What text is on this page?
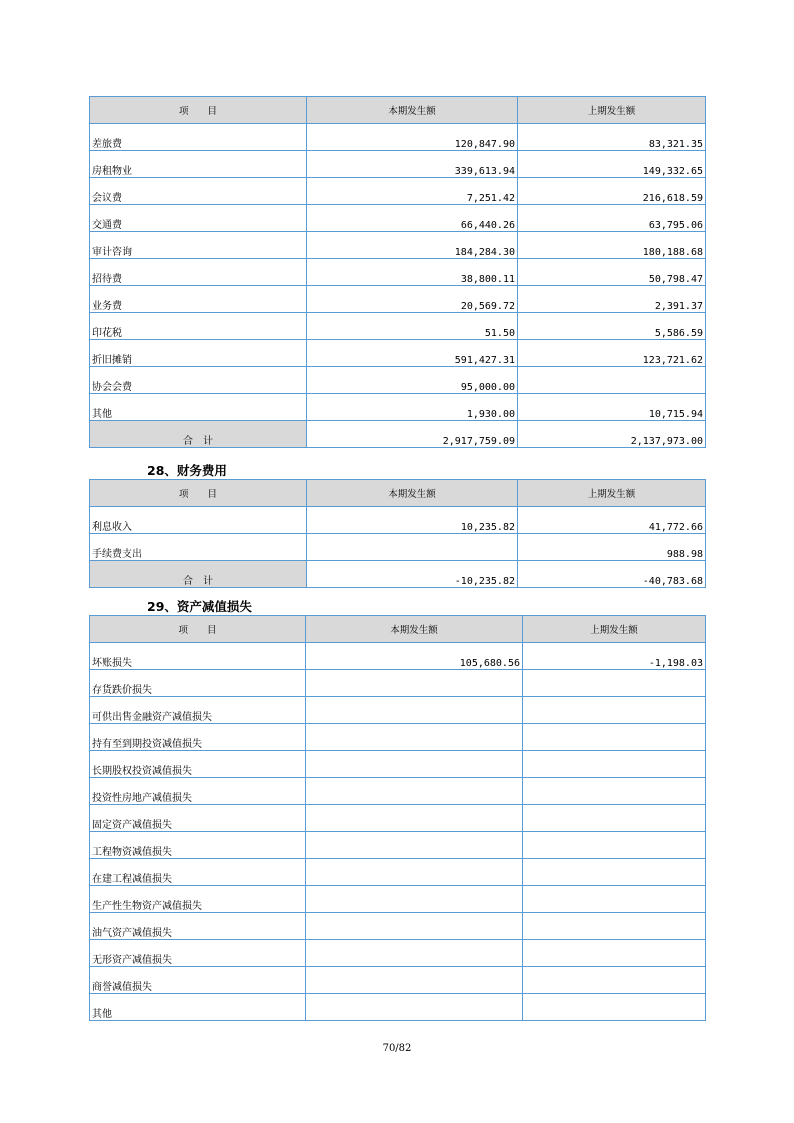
项　　目	本期发生额	上期发生额
差旅费	120,847.90	83,321.35
房租物业	339,613.94	149,332.65
会议费	7,251.42	216,618.59
交通费	66,440.26	63,795.06
审计咨询	184,284.30	180,188.68
招待费	38,800.11	50,798.47
业务费	20,569.72	2,391.37
印花税	51.50	5,586.59
折旧摊销	591,427.31	123,721.62
协会会费	95,000.00	
其他	1,930.00	10,715.94
合　计	2,917,759.09	2,137,973.00
28、财务费用
项　　目	本期发生额	上期发生额
利息收入	10,235.82	41,772.66
手续费支出		988.98
合　计	-10,235.82	-40,783.68
29、资产减值损失
项　　目	本期发生额	上期发生额
坏账损失	105,680.56	-1,198.03
存货跌价损失		
可供出售金融资产减值损失		
持有至到期投资减值损失		
长期股权投资减值损失		
投资性房地产减值损失		
固定资产减值损失		
工程物资减值损失		
在建工程减值损失		
生产性生物资产减值损失		
油气资产减值损失		
无形资产减值损失		
商誉减值损失		
其他		
70/82
